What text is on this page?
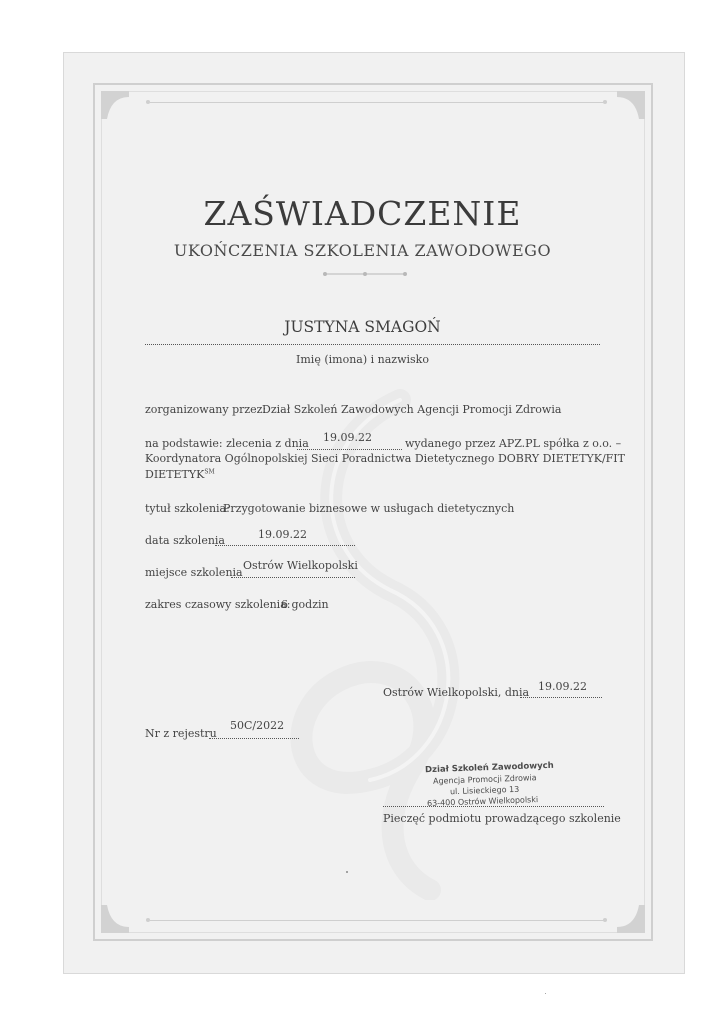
ZAŚWIADCZENIE
UKOŃCZENIA SZKOLENIA ZAWODOWEGO
JUSTYNA SMAGOŃ
Imię (imona) i nazwisko
zorganizowany przez:
Dział Szkoleń Zawodowych Agencji Promocji Zdrowia
na podstawie: zlecenia z dnia 19.09.22	wydanego przez APZ.PL spółka z o.o. –
Koordynatora Ogólnopolskiej Sieci Poradnictwa Dietetycznego DOBRY DIETETYK/FIT
DIETETYK℠
tytuł szkolenia:
Przygotowanie biznesowe w usługach dietetycznych
data szkolenia	19.09.22
miejsce szkolenia
Ostrów Wielkopolski
zakres czasowy szkolenia:
6 godzin
Ostrów Wielkopolski, dnia 19.09.22
Nr z rejestru
50C/2022
Dział Szkoleń Zawodowych
Agencja Promocji Zdrowia
ul. Lisieckiego 13
63-400 Ostrów Wielkopolski
Pieczęć podmiotu prowadzącego szkolenie
